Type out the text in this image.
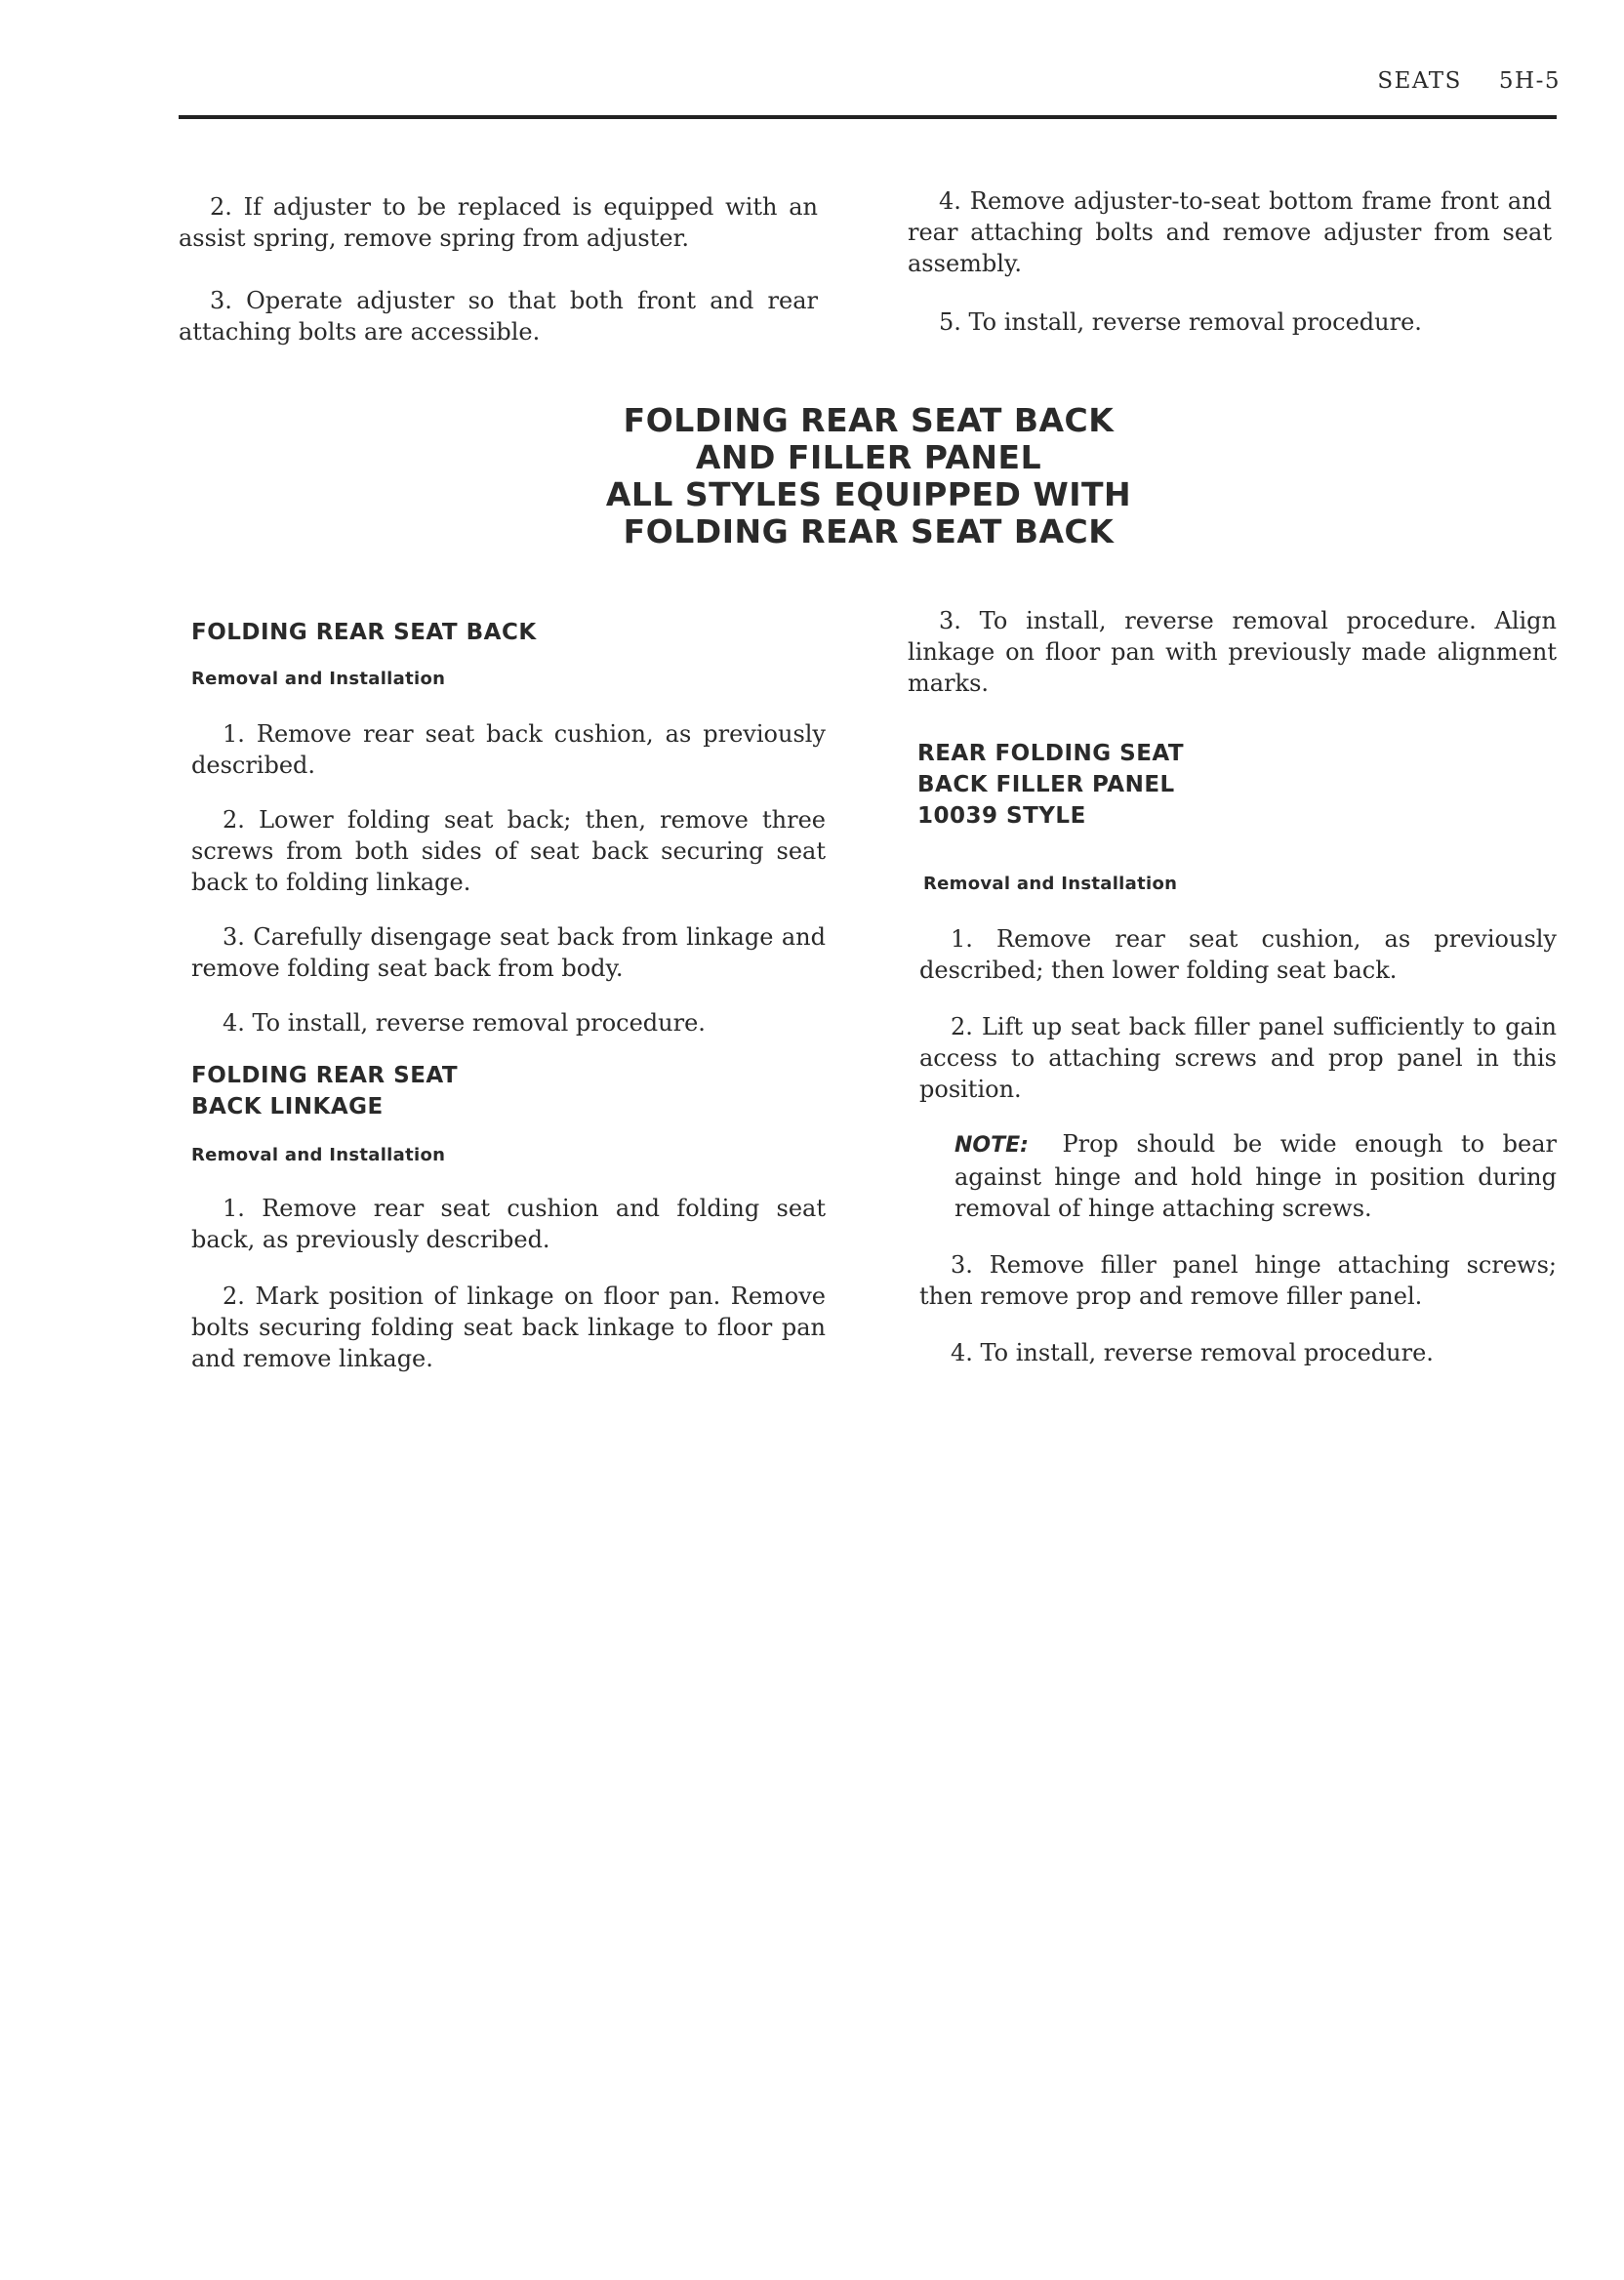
SEATS 5H-5

2. If adjuster to be replaced is equipped with an assist spring, remove spring from adjuster.

3. Operate adjuster so that both front and rear attaching bolts are accessible.

4. Remove adjuster-to-seat bottom frame front and rear attaching bolts and remove adjuster from seat assembly.

5. To install, reverse removal procedure.

FOLDING REAR SEAT BACK
AND FILLER PANEL
ALL STYLES EQUIPPED WITH
FOLDING REAR SEAT BACK
FOLDING REAR SEAT BACK
Removal and Installation

1. Remove rear seat back cushion, as previously described.

2. Lower folding seat back; then, remove three screws from both sides of seat back securing seat back to folding linkage.

3. Carefully disengage seat back from linkage and remove folding seat back from body.

4. To install, reverse removal procedure.

FOLDING REAR SEAT
BACK LINKAGE
Removal and Installation

1. Remove rear seat cushion and folding seat back, as previously described.

2. Mark position of linkage on floor pan. Remove bolts securing folding seat back linkage to floor pan and remove linkage.

3. To install, reverse removal procedure. Align linkage on floor pan with previously made alignment marks.

REAR FOLDING SEAT
BACK FILLER PANEL
10039 STYLE
Removal and Installation

1. Remove rear seat cushion, as previously described; then lower folding seat back.

2. Lift up seat back filler panel sufficiently to gain access to attaching screws and prop panel in this position.

NOTE: Prop should be wide enough to bear against hinge and hold hinge in position during removal of hinge attaching screws.

3. Remove filler panel hinge attaching screws; then remove prop and remove filler panel.

4. To install, reverse removal procedure.
